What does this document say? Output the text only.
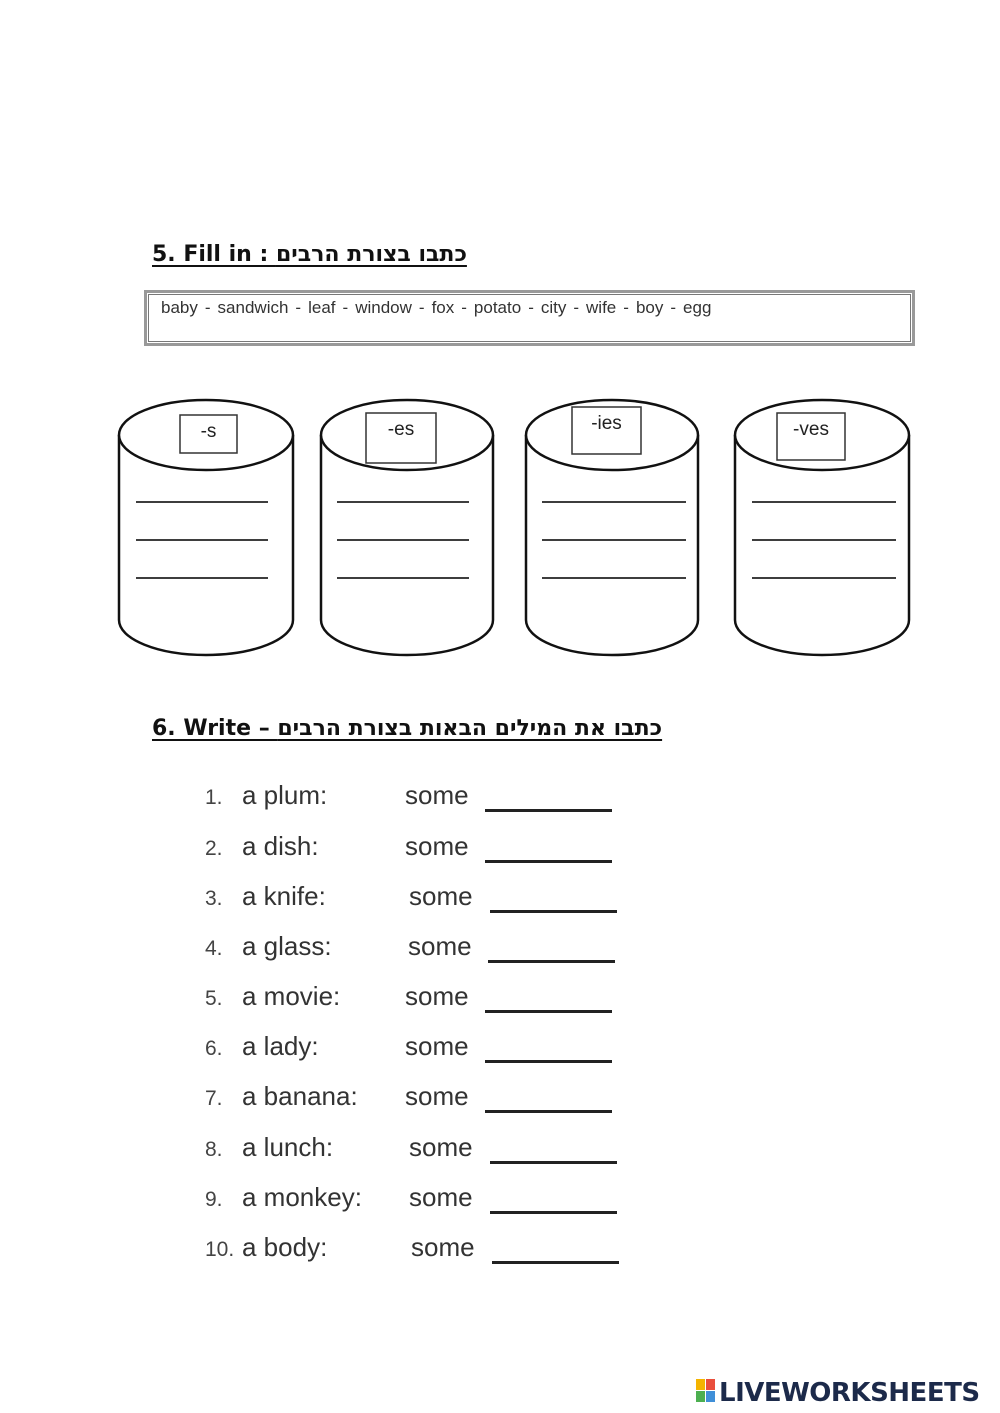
5. Fill in : כתבו בצורת הרבים
baby - sandwich - leaf - window - fox - potato - city - wife - boy - egg
-s	-es	-ies	-ves
6. Write – כתבו את המילים הבאות בצורת הרבים
1. a plum:	some
2. a dish:	some
3. a knife:	some
4. a glass:	some
5. a movie: some
6. a lady:	some
7. a banana: some
8. a lunch:	some
9. a monkey: some
10. a body:	some
LIVEWORKSHEETS
